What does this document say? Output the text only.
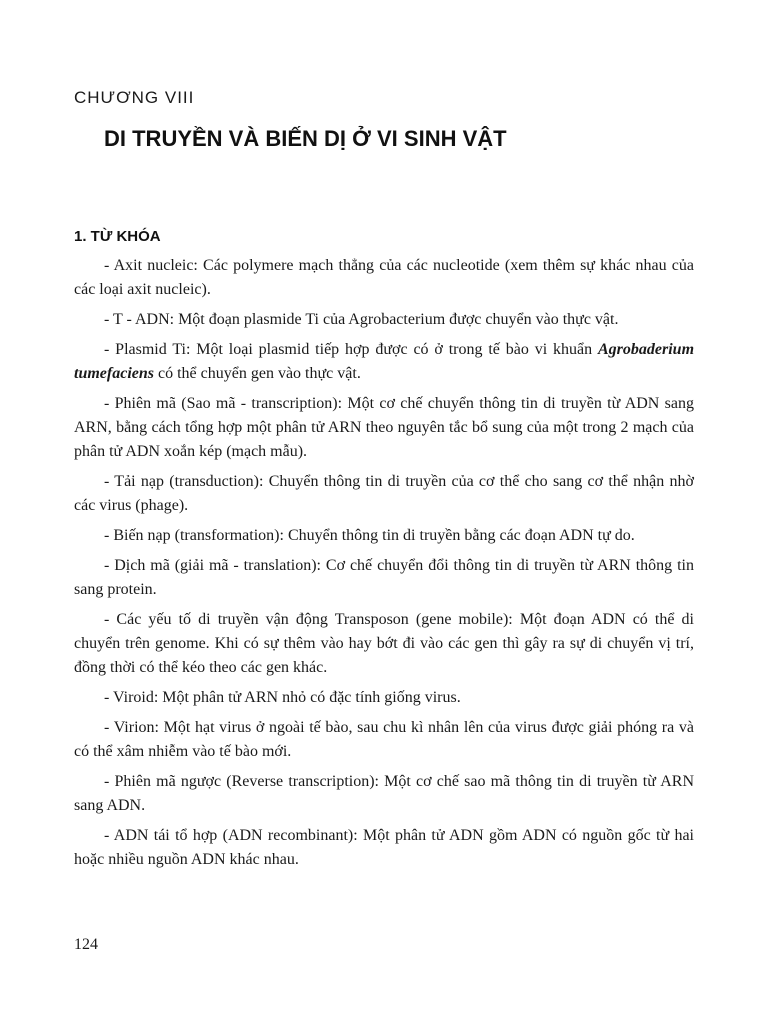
CHƯƠNG VIII
DI TRUYỀN VÀ BIẾN DỊ Ở VI SINH VẬT
1. TỪ KHÓA

- Axit nucleic: Các polymere mạch thẳng của các nucleotide (xem thêm sự khác nhau của các loại axit nucleic).

- T - ADN: Một đoạn plasmide Ti của Agrobacterium được chuyển vào thực vật.

- Plasmid Ti: Một loại plasmid tiếp hợp được có ở trong tế bào vi khuẩn Agrobaderium tumefaciens có thể chuyển gen vào thực vật.

- Phiên mã (Sao mã - transcription): Một cơ chế chuyển thông tin di truyền từ ADN sang ARN, bằng cách tổng hợp một phân tử ARN theo nguyên tắc bổ sung của một trong 2 mạch của phân tử ADN xoắn kép (mạch mẫu).

- Tải nạp (transduction): Chuyển thông tin di truyền của cơ thể cho sang cơ thể nhận nhờ các virus (phage).

- Biến nạp (transformation): Chuyển thông tin di truyền bằng các đoạn ADN tự do.

- Dịch mã (giải mã - translation): Cơ chế chuyển đổi thông tin di truyền từ ARN thông tin sang protein.

- Các yếu tố di truyền vận động Transposon (gene mobile): Một đoạn ADN có thể di chuyển trên genome. Khi có sự thêm vào hay bớt đi vào các gen thì gây ra sự di chuyển vị trí, đồng thời có thể kéo theo các gen khác.

- Viroid: Một phân tử ARN nhỏ có đặc tính giống virus.

- Virion: Một hạt virus ở ngoài tế bào, sau chu kì nhân lên của virus được giải phóng ra và có thể xâm nhiễm vào tế bào mới.

- Phiên mã ngược (Reverse transcription): Một cơ chế sao mã thông tin di truyền từ ARN sang ADN.

- ADN tái tổ hợp (ADN recombinant): Một phân tử ADN gồm ADN có nguồn gốc từ hai hoặc nhiều nguồn ADN khác nhau.

124
